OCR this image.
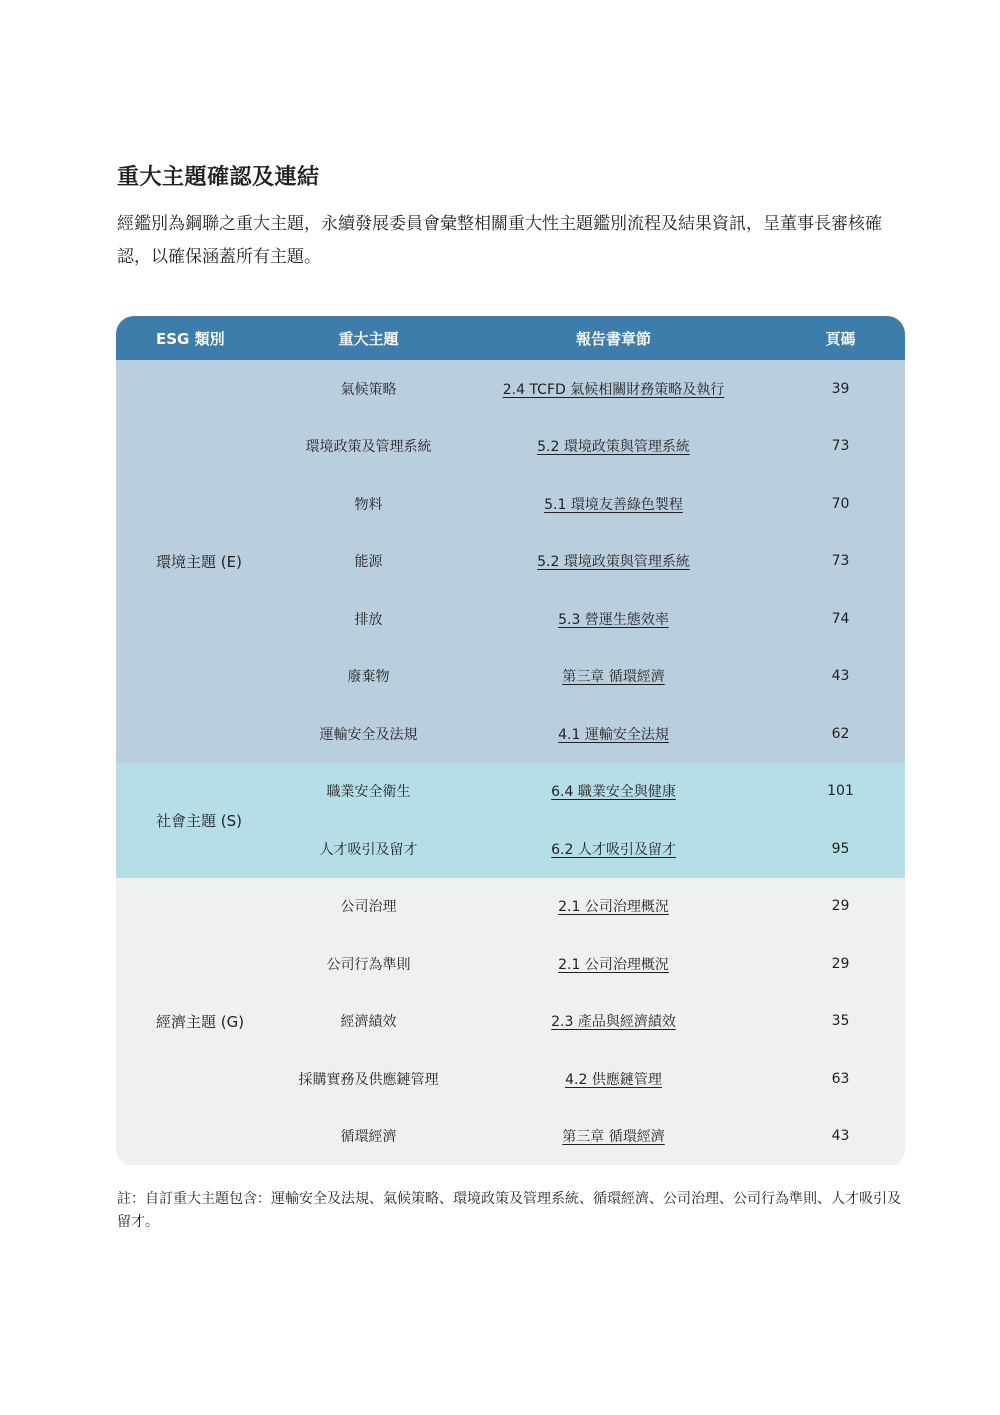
重大主題確認及連結

經鑑別為鋼聯之重大主題，永續發展委員會彙整相關重大性主題鑑別流程及結果資訊，呈董事長審核確認，以確保涵蓋所有主題。

ESG 類別	重大主題	報告書章節	頁碼
環境主題 (E)	氣候策略	2.4 TCFD 氣候相關財務策略及執行	39
	環境政策及管理系統	5.2 環境政策與管理系統	73
	物料	5.1 環境友善綠色製程	70
	能源	5.2 環境政策與管理系統	73
	排放	5.3 營運生態效率	74
	廢棄物	第三章 循環經濟	43
	運輸安全及法規	4.1 運輸安全法規	62
社會主題 (S)	職業安全衛生	6.4 職業安全與健康	101
	人才吸引及留才	6.2 人才吸引及留才	95
經濟主題 (G)	公司治理	2.1 公司治理概況	29
	公司行為準則	2.1 公司治理概況	29
	經濟績效	2.3 產品與經濟績效	35
	採購實務及供應鏈管理	4.2 供應鏈管理	63
	循環經濟	第三章 循環經濟	43

註：自訂重大主題包含：運輸安全及法規、氣候策略、環境政策及管理系統、循環經濟、公司治理、公司行為準則、人才吸引及留才。
